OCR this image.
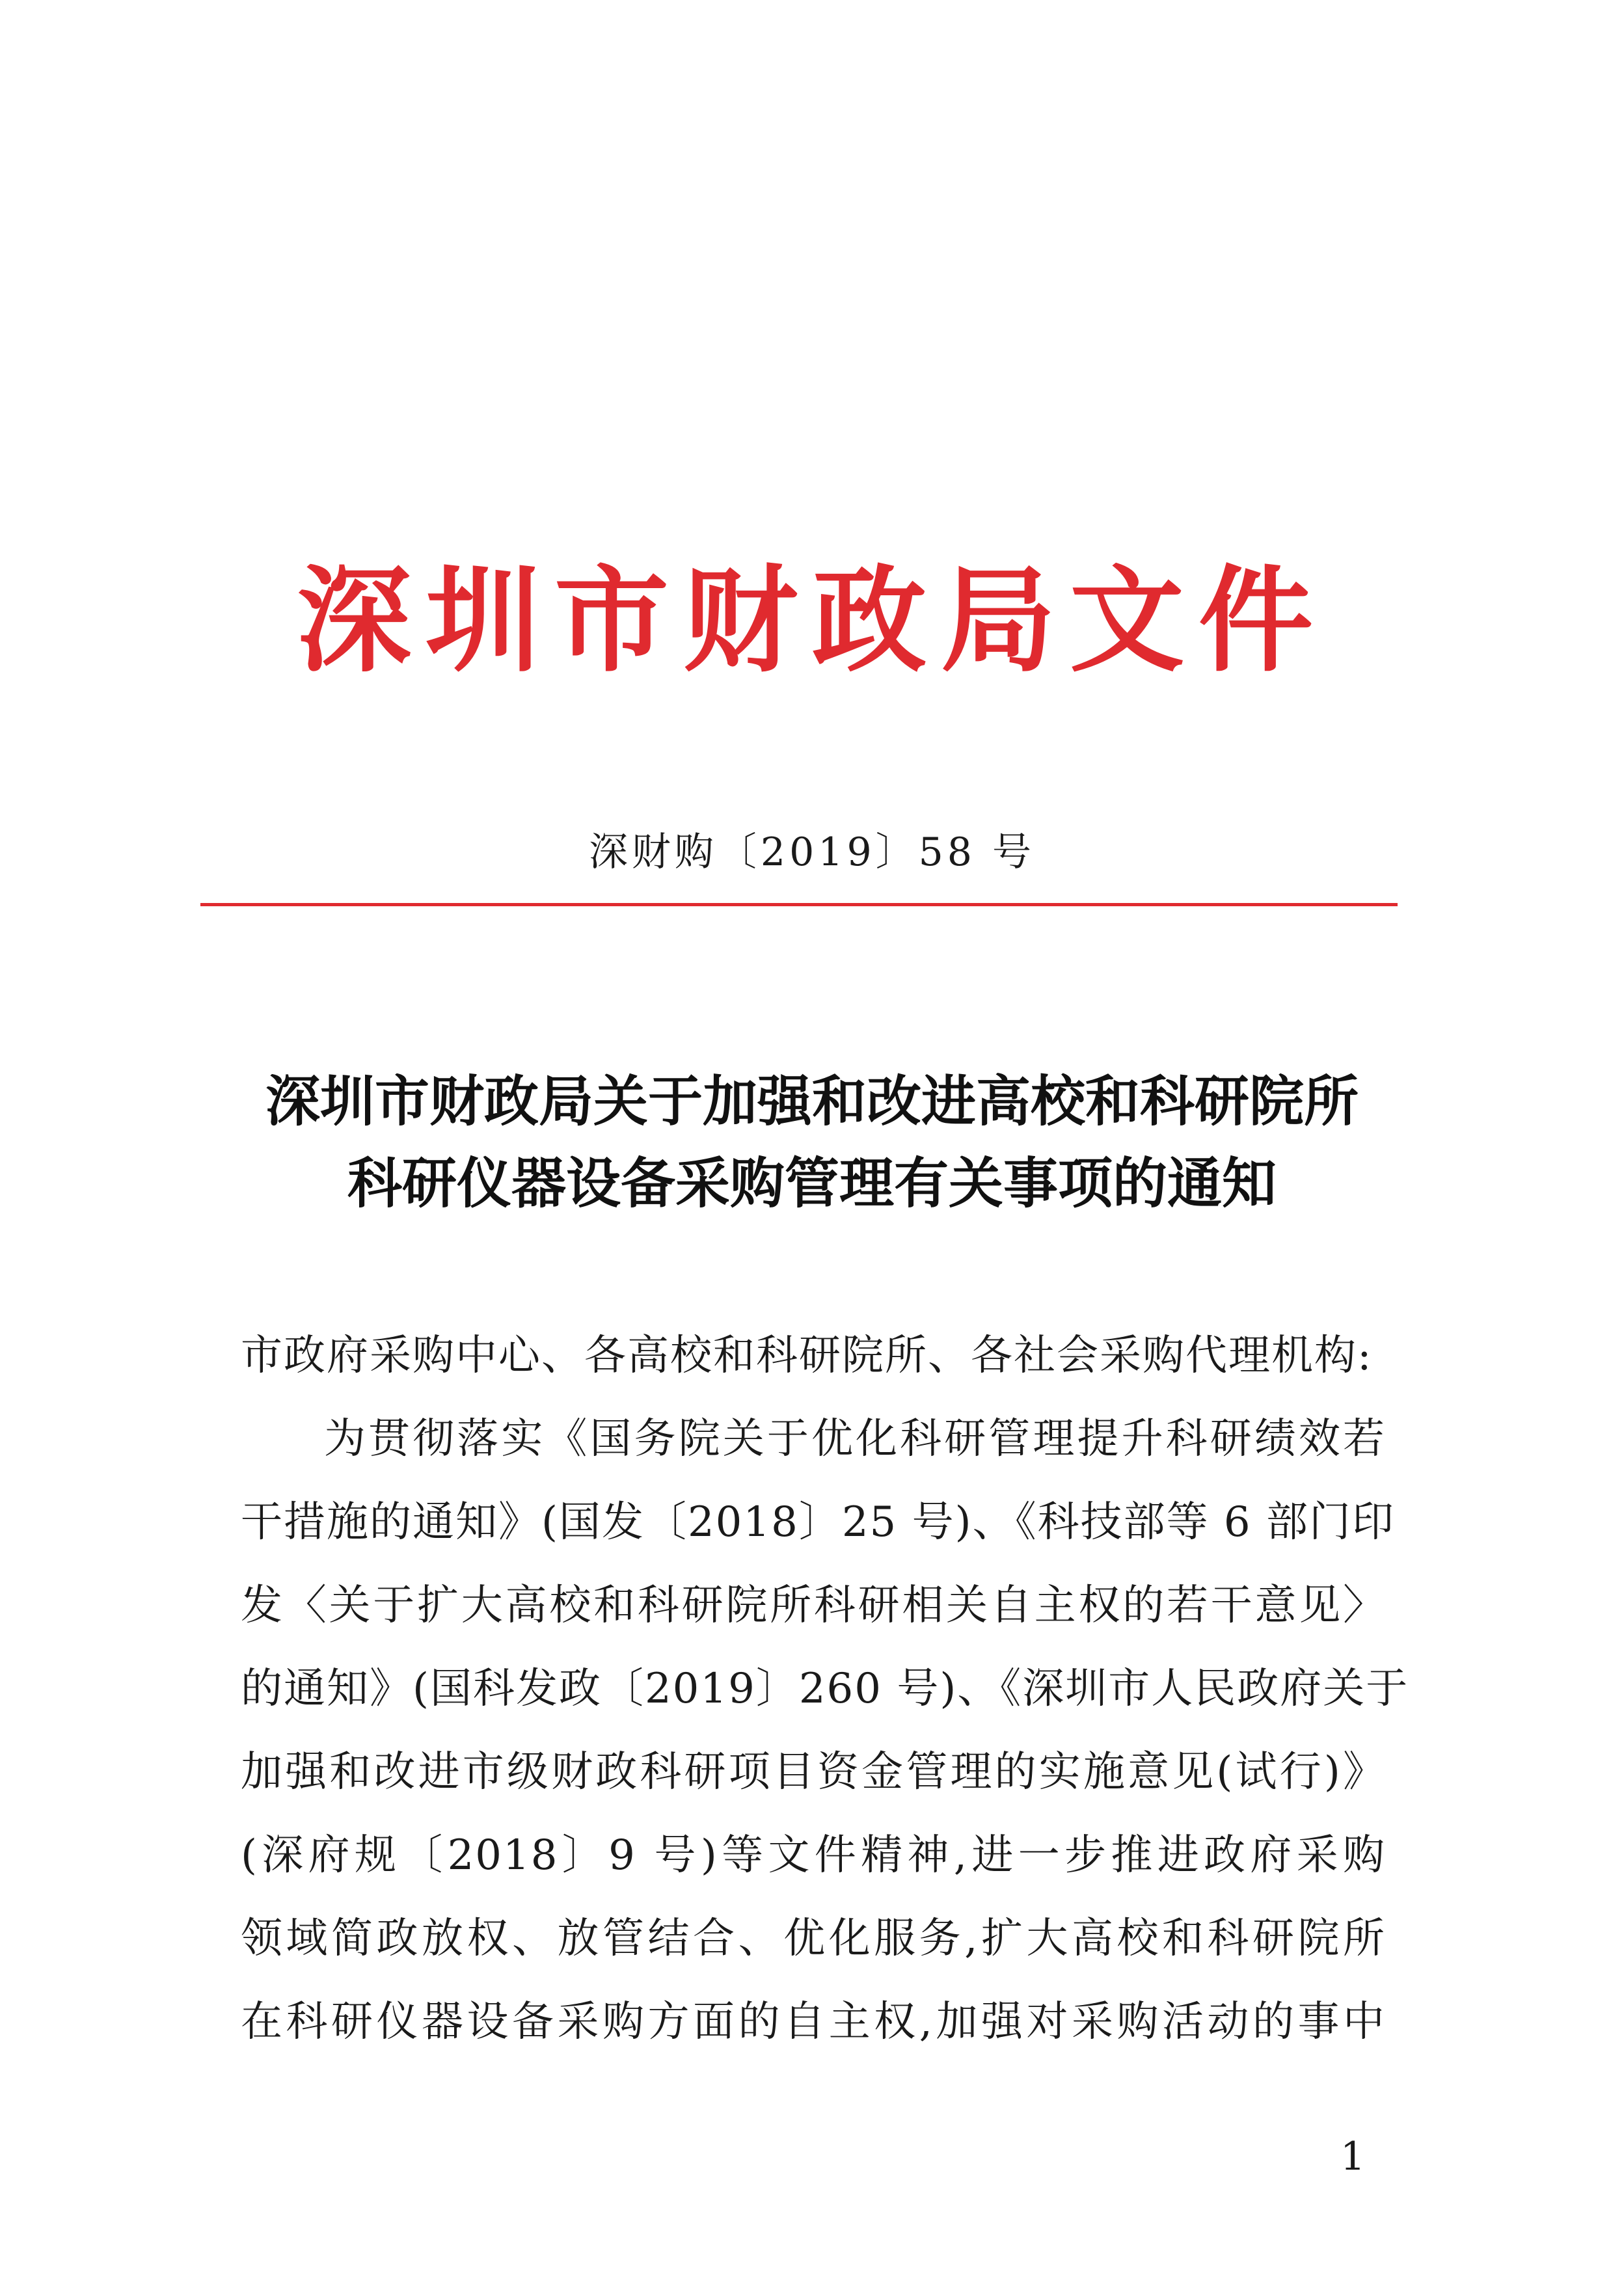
深圳市财政局文件
深财购〔2019〕58 号
深圳市财政局关于加强和改进高校和科研院所
科研仪器设备采购管理有关事项的通知
市政府采购中心、各高校和科研院所、各社会采购代理机构:
为贯彻落实《国务院关于优化科研管理提升科研绩效若
干措施的通知》(国发〔2018〕25 号)、《科技部等 6 部门印
发〈关于扩大高校和科研院所科研相关自主权的若干意见〉
的通知》(国科发政〔2019〕260 号)、《深圳市人民政府关于
加强和改进市级财政科研项目资金管理的实施意见(试行)》
(深府规〔2018〕9 号)等文件精神,进一步推进政府采购
领域简政放权、放管结合、优化服务,扩大高校和科研院所
在科研仪器设备采购方面的自主权,加强对采购活动的事中
1
